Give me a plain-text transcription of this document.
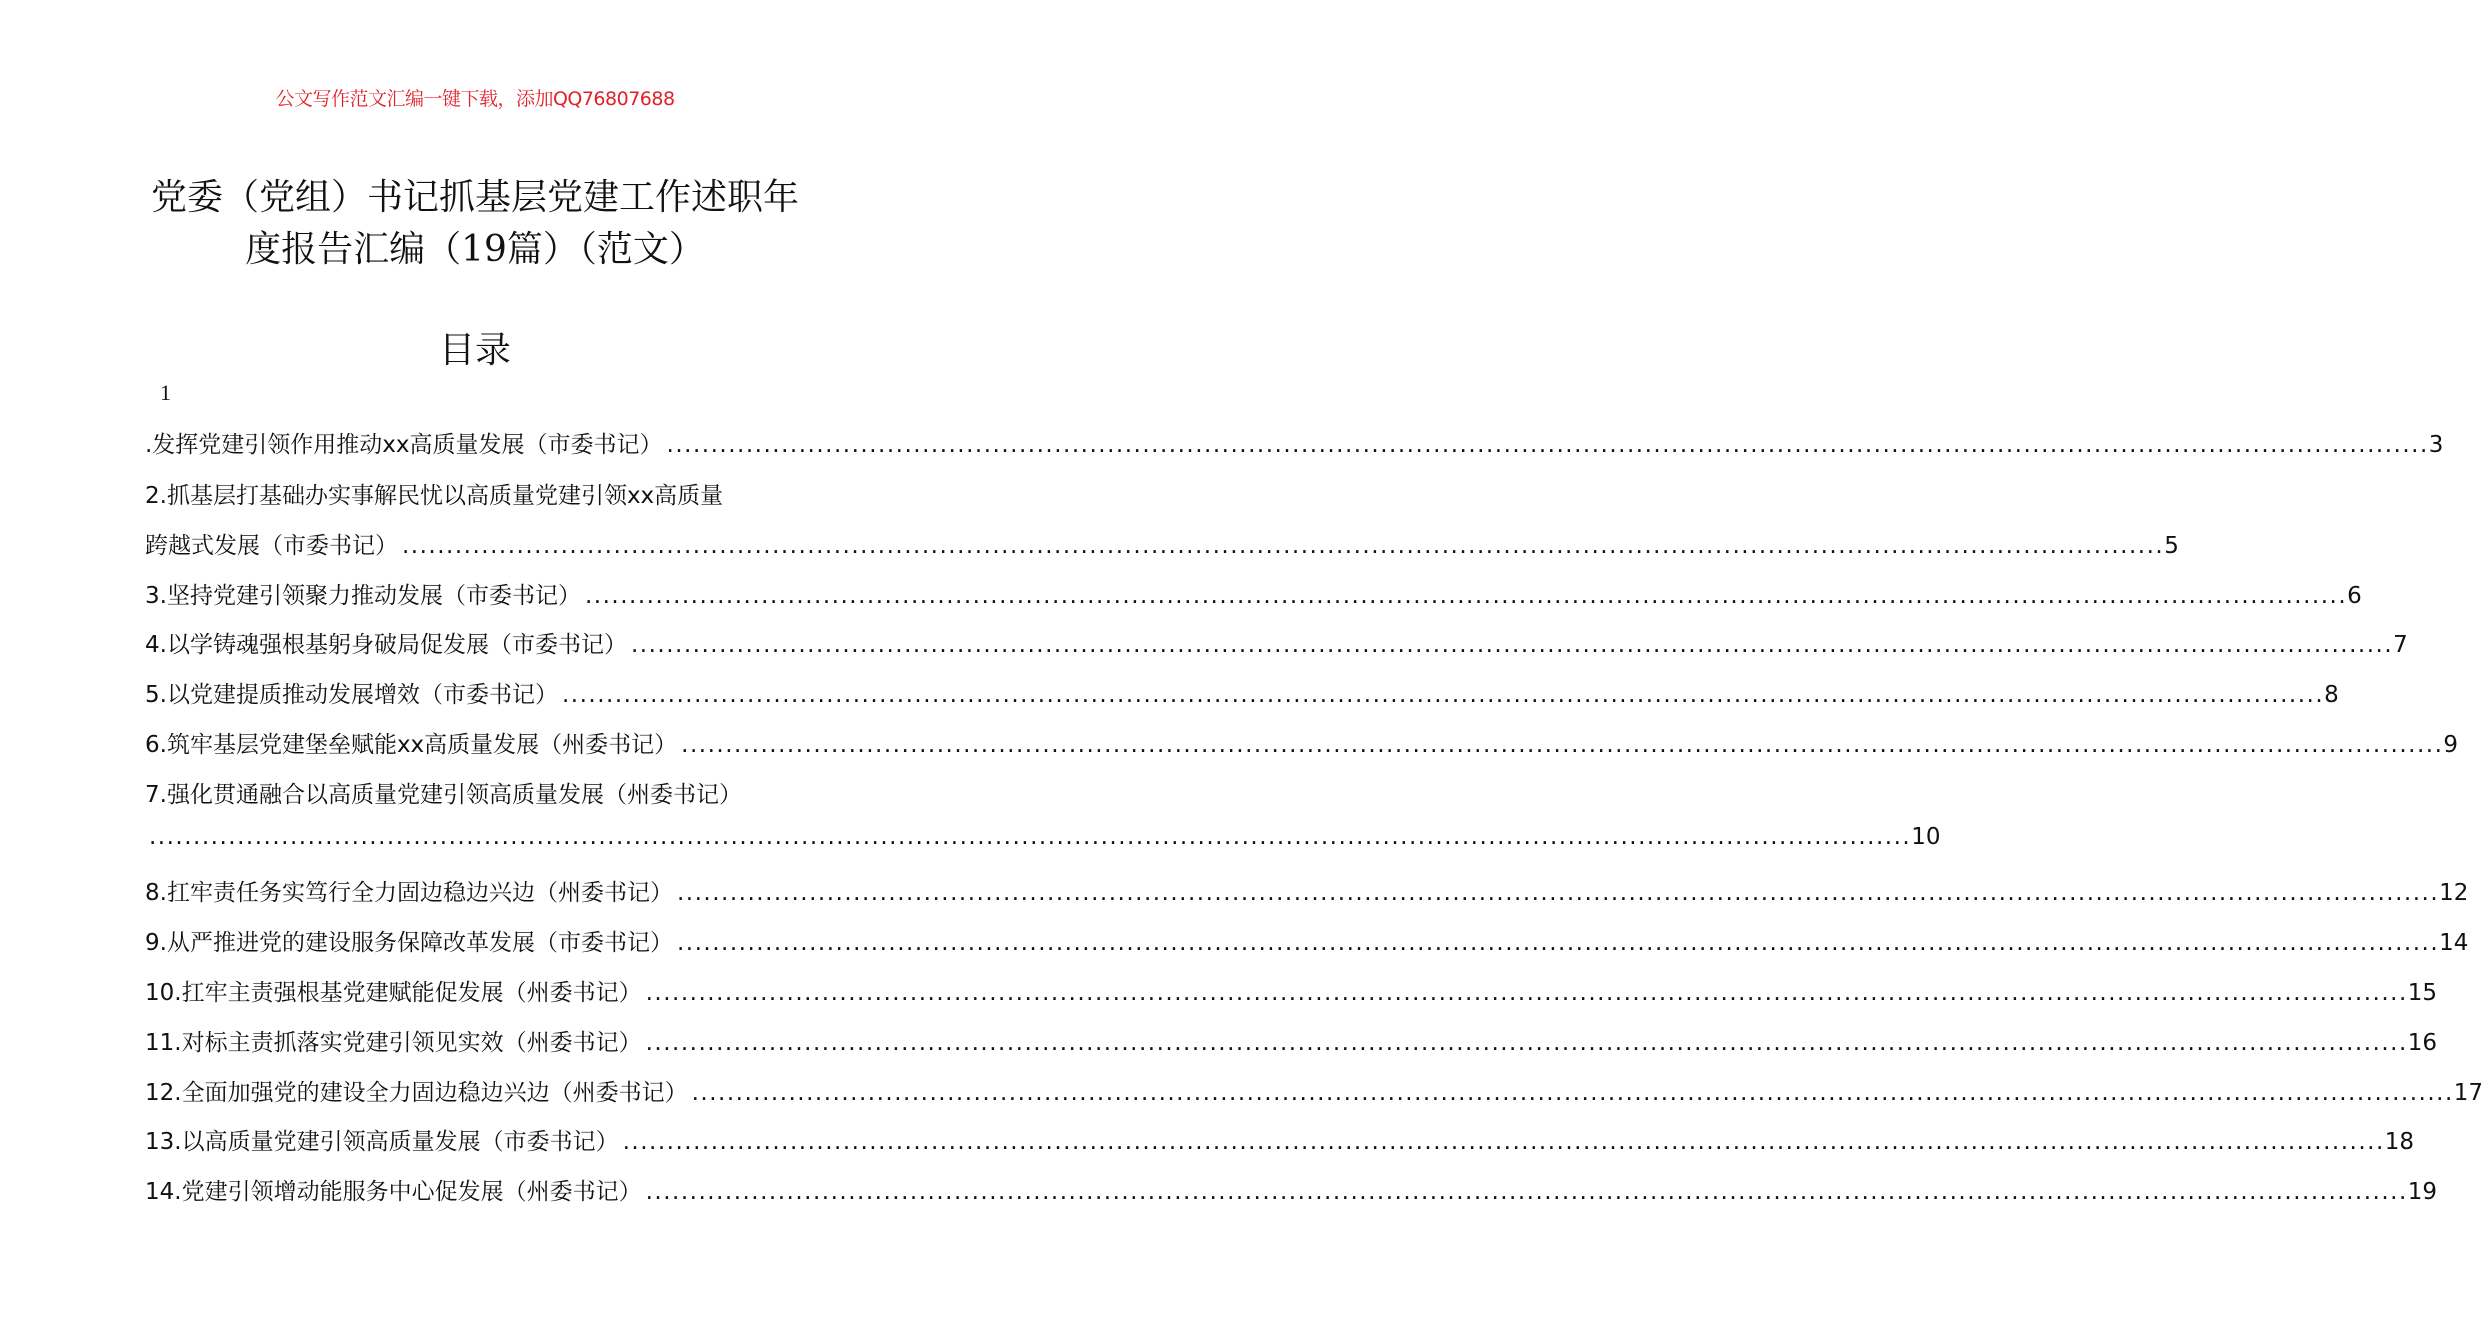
公文写作范文汇编一键下载，添加QQ76807688
党委（党组）书记抓基层党建工作述职年
度报告汇编（19篇）（范文）
目录
1
.发挥党建引领作用推动xx高质量发展（市委书记） ........................................................................................................................................................................................................ 3
2.抓基层打基础办实事解民忧以高质量党建引领xx高质量
跨越式发展（市委书记） ........................................................................................................................................................................................................ 5
3.坚持党建引领聚力推动发展（市委书记） ........................................................................................................................................................................................................ 6
4.以学铸魂强根基躬身破局促发展（市委书记） ........................................................................................................................................................................................................ 7
5.以党建提质推动发展增效（市委书记） ........................................................................................................................................................................................................ 8
6.筑牢基层党建堡垒赋能xx高质量发展（州委书记） ........................................................................................................................................................................................................ 9
7.强化贯通融合以高质量党建引领高质量发展（州委书记）
........................................................................................................................................................................................................ 10
8.扛牢责任务实笃行全力固边稳边兴边（州委书记） ........................................................................................................................................................................................................ 12
9.从严推进党的建设服务保障改革发展（市委书记） ........................................................................................................................................................................................................ 14
10.扛牢主责强根基党建赋能促发展（州委书记） ........................................................................................................................................................................................................ 15
11.对标主责抓落实党建引领见实效（州委书记） ........................................................................................................................................................................................................ 16
12.全面加强党的建设全力固边稳边兴边（州委书记） ........................................................................................................................................................................................................ 17
13.以高质量党建引领高质量发展（市委书记） ........................................................................................................................................................................................................ 18
14.党建引领增动能服务中心促发展（州委书记） ........................................................................................................................................................................................................ 19
